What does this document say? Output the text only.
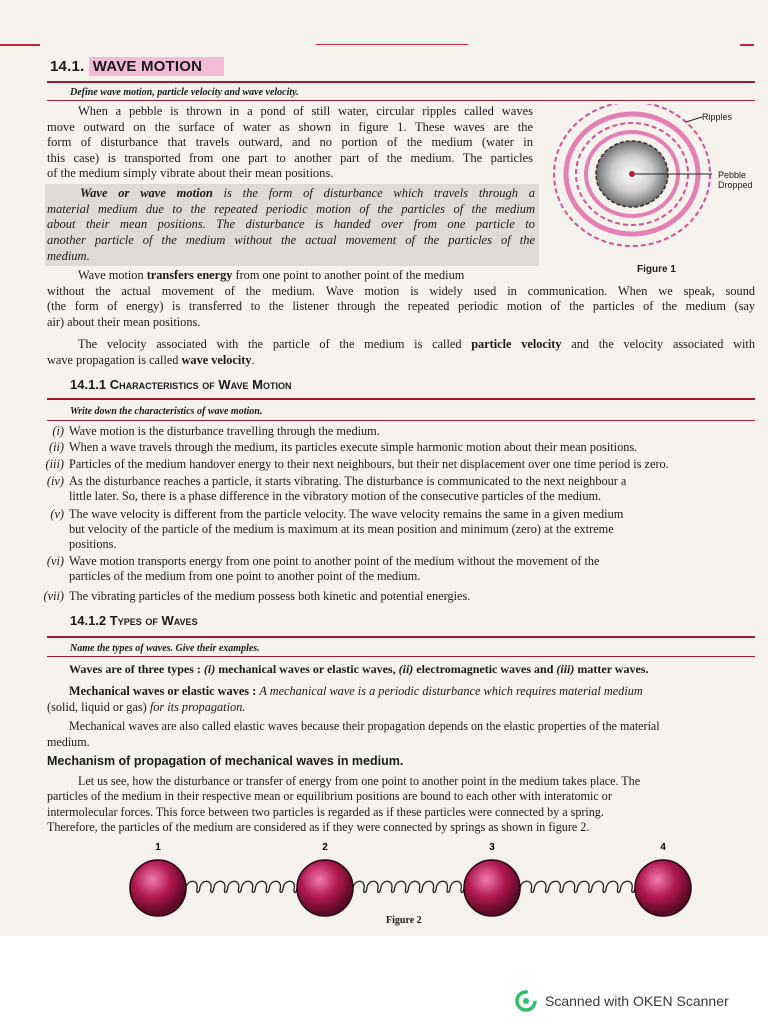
14.1. WAVE MOTION
Define wave motion, particle velocity and wave velocity.
When a pebble is thrown in a pond of still water, circular ripples called waves
move outward on the surface of water as shown in figure 1. These waves are the
form of disturbance that travels outward, and no portion of the medium (water in
this case) is transported from one part to another part of the medium. The particles
of the medium simply vibrate about their mean positions.
Wave or wave motion is the form of disturbance which travels through a
material medium due to the repeated periodic motion of the particles of the medium
about their mean positions. The disturbance is handed over from one particle to
another particle of the medium without the actual movement of the particles of the
medium.
Ripples
Pebble
Dropped
Figure 1
Wave motion transfers energy from one point to another point of the medium
without the actual movement of the medium. Wave motion is widely used in communication. When we speak, sound
(the form of energy) is transferred to the listener through the repeated periodic motion of the particles of the medium (say
air) about their mean positions.
The velocity associated with the particle of the medium is called particle velocity and the velocity associated with
wave propagation is called wave velocity.
14.1.1 Characteristics of Wave Motion
Write down the characteristics of wave motion.
(i) Wave motion is the disturbance travelling through the medium.
(ii) When a wave travels through the medium, its particles execute simple harmonic motion about their mean positions.
(iii) Particles of the medium handover energy to their next neighbours, but their net displacement over one time period is zero.
(iv) As the disturbance reaches a particle, it starts vibrating. The disturbance is communicated to the next neighbour a
little later. So, there is a phase difference in the vibratory motion of the consecutive particles of the medium.
(v) The wave velocity is different from the particle velocity. The wave velocity remains the same in a given medium
but velocity of the particle of the medium is maximum at its mean position and minimum (zero) at the extreme
positions.
(vi) Wave motion transports energy from one point to another point of the medium without the movement of the
particles of the medium from one point to another point of the medium.
(vii) The vibrating particles of the medium possess both kinetic and potential energies.
14.1.2 Types of Waves
Name the types of waves. Give their examples.
Waves are of three types : (i) mechanical waves or elastic waves, (ii) electromagnetic waves and (iii) matter waves.
Mechanical waves or elastic waves : A mechanical wave is a periodic disturbance which requires material medium
(solid, liquid or gas) for its propagation.
Mechanical waves are also called elastic waves because their propagation depends on the elastic properties of the material
medium.
Mechanism of propagation of mechanical waves in medium.
Let us see, how the disturbance or transfer of energy from one point to another point in the medium takes place. The
particles of the medium in their respective mean or equilibrium positions are bound to each other with interatomic or
intermolecular forces. This force between two particles is regarded as if these particles were connected by a spring.
Therefore, the particles of the medium are considered as if they were connected by springs as shown in figure 2.
1	2	3	4
Figure 2
Scanned with OKEN Scanner
